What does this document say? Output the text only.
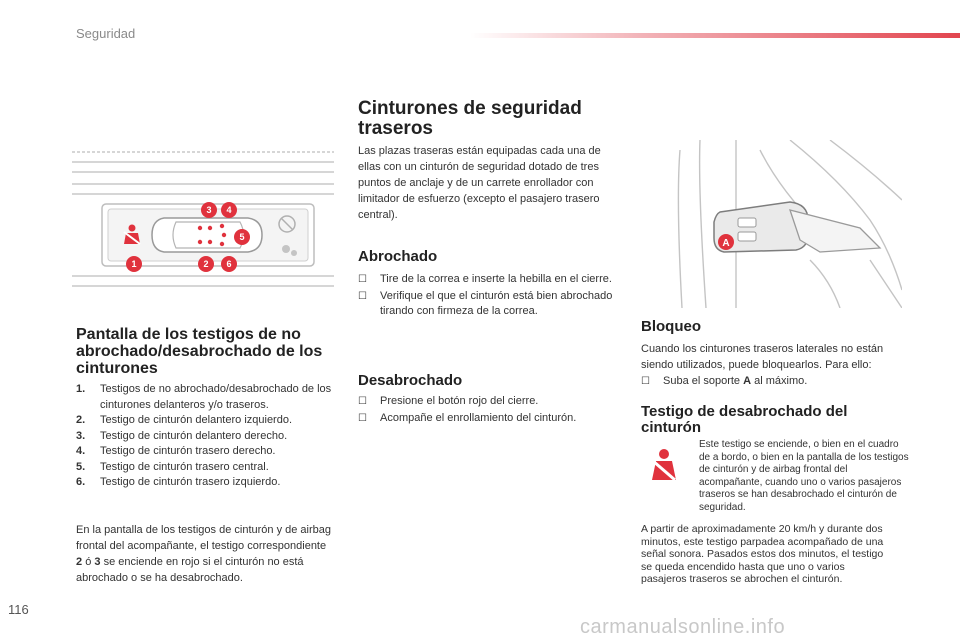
Seguridad
1	2
3 4
5
6
Pantalla de los testigos de no abrochado/desabrochado de los cinturones
1. Testigos de no abrochado/desabrochado de los cinturones delanteros y/o traseros.
2. Testigo de cinturón delantero izquierdo.
3. Testigo de cinturón delantero derecho.
4. Testigo de cinturón trasero derecho.
5. Testigo de cinturón trasero central.
6. Testigo de cinturón trasero izquierdo.
En la pantalla de los testigos de cinturón y de airbag frontal del acompañante, el testigo correspondiente 2 ó 3 se enciende en rojo si el cinturón no está abrochado o se ha desabrochado.
Cinturones de seguridad traseros
Las plazas traseras están equipadas cada una de ellas con un cinturón de seguridad dotado de tres puntos de anclaje y de un carrete enrollador con limitador de esfuerzo (excepto el pasajero trasero central).
Abrochado
☐ Tire de la correa e inserte la hebilla en el cierre.
☐ Verifique el que el cinturón está bien abrochado tirando con firmeza de la correa.
Desabrochado
☐ Presione el botón rojo del cierre.
☐ Acompañe el enrollamiento del cinturón.
A
Bloqueo
Cuando los cinturones traseros laterales no están siendo utilizados, puede bloquearlos. Para ello:
☐ Suba el soporte A al máximo.
Testigo de desabrochado del cinturón
Este testigo se enciende, o bien en el cuadro de a bordo, o bien en la pantalla de los testigos de cinturón y de airbag frontal del acompañante, cuando uno o varios pasajeros traseros se han desabrochado el cinturón de seguridad.
A partir de aproximadamente 20 km/h y durante dos minutos, este testigo parpadea acompañado de una señal sonora. Pasados estos dos minutos, el testigo se queda encendido hasta que uno o varios pasajeros traseros se abrochen el cinturón.
116
carmanualsonline.info
